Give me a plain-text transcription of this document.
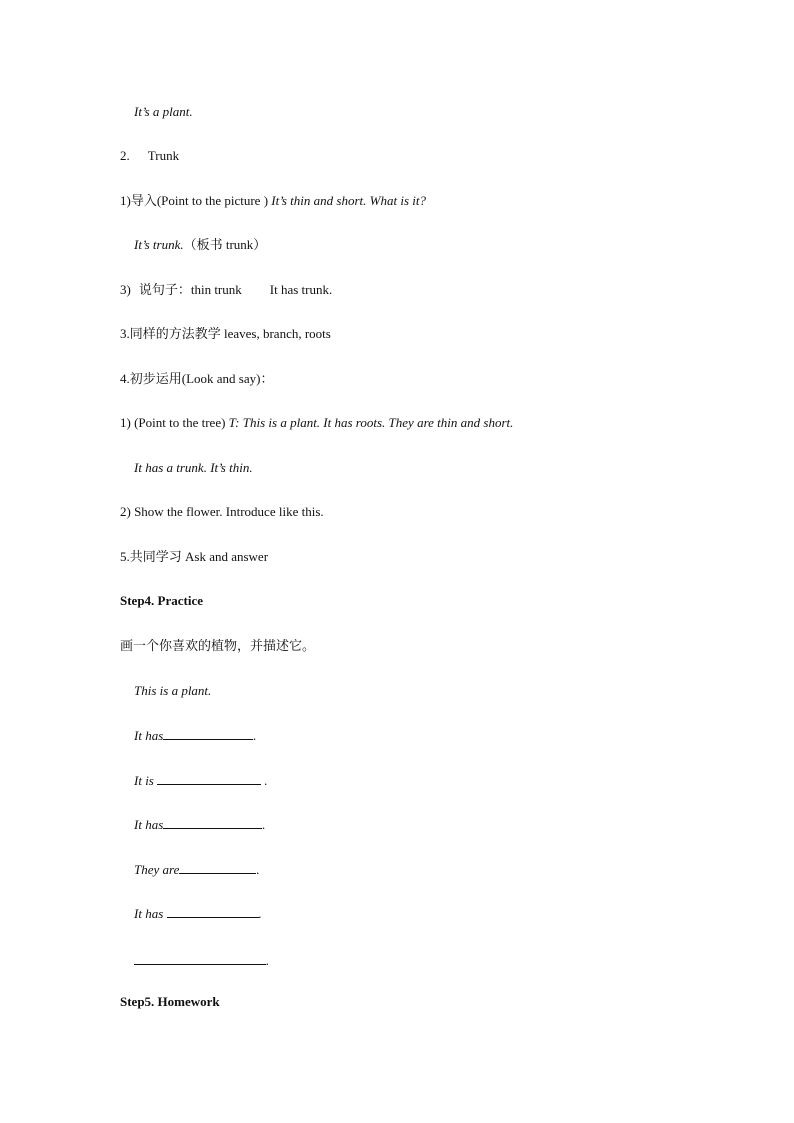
It’s a plant.
2. Trunk
1)导入(Point to the picture ) It’s thin and short. What is it?
It’s trunk.（板书 trunk）
3) 说句子：thin trunk It has trunk.
3.同样的方法教学 leaves, branch, roots
4.初步运用(Look and say)：
1) (Point to the tree) T: This is a plant. It has roots. They are thin and short.
It has a trunk. It’s thin.
2) Show the flower. Introduce like this.
5.共同学习 Ask and answer
Step4. Practice
画一个你喜欢的植物，并描述它。
This is a plant.
It has	.
It is	.
It has	.
They are	.
It has	.
.
Step5. Homework
